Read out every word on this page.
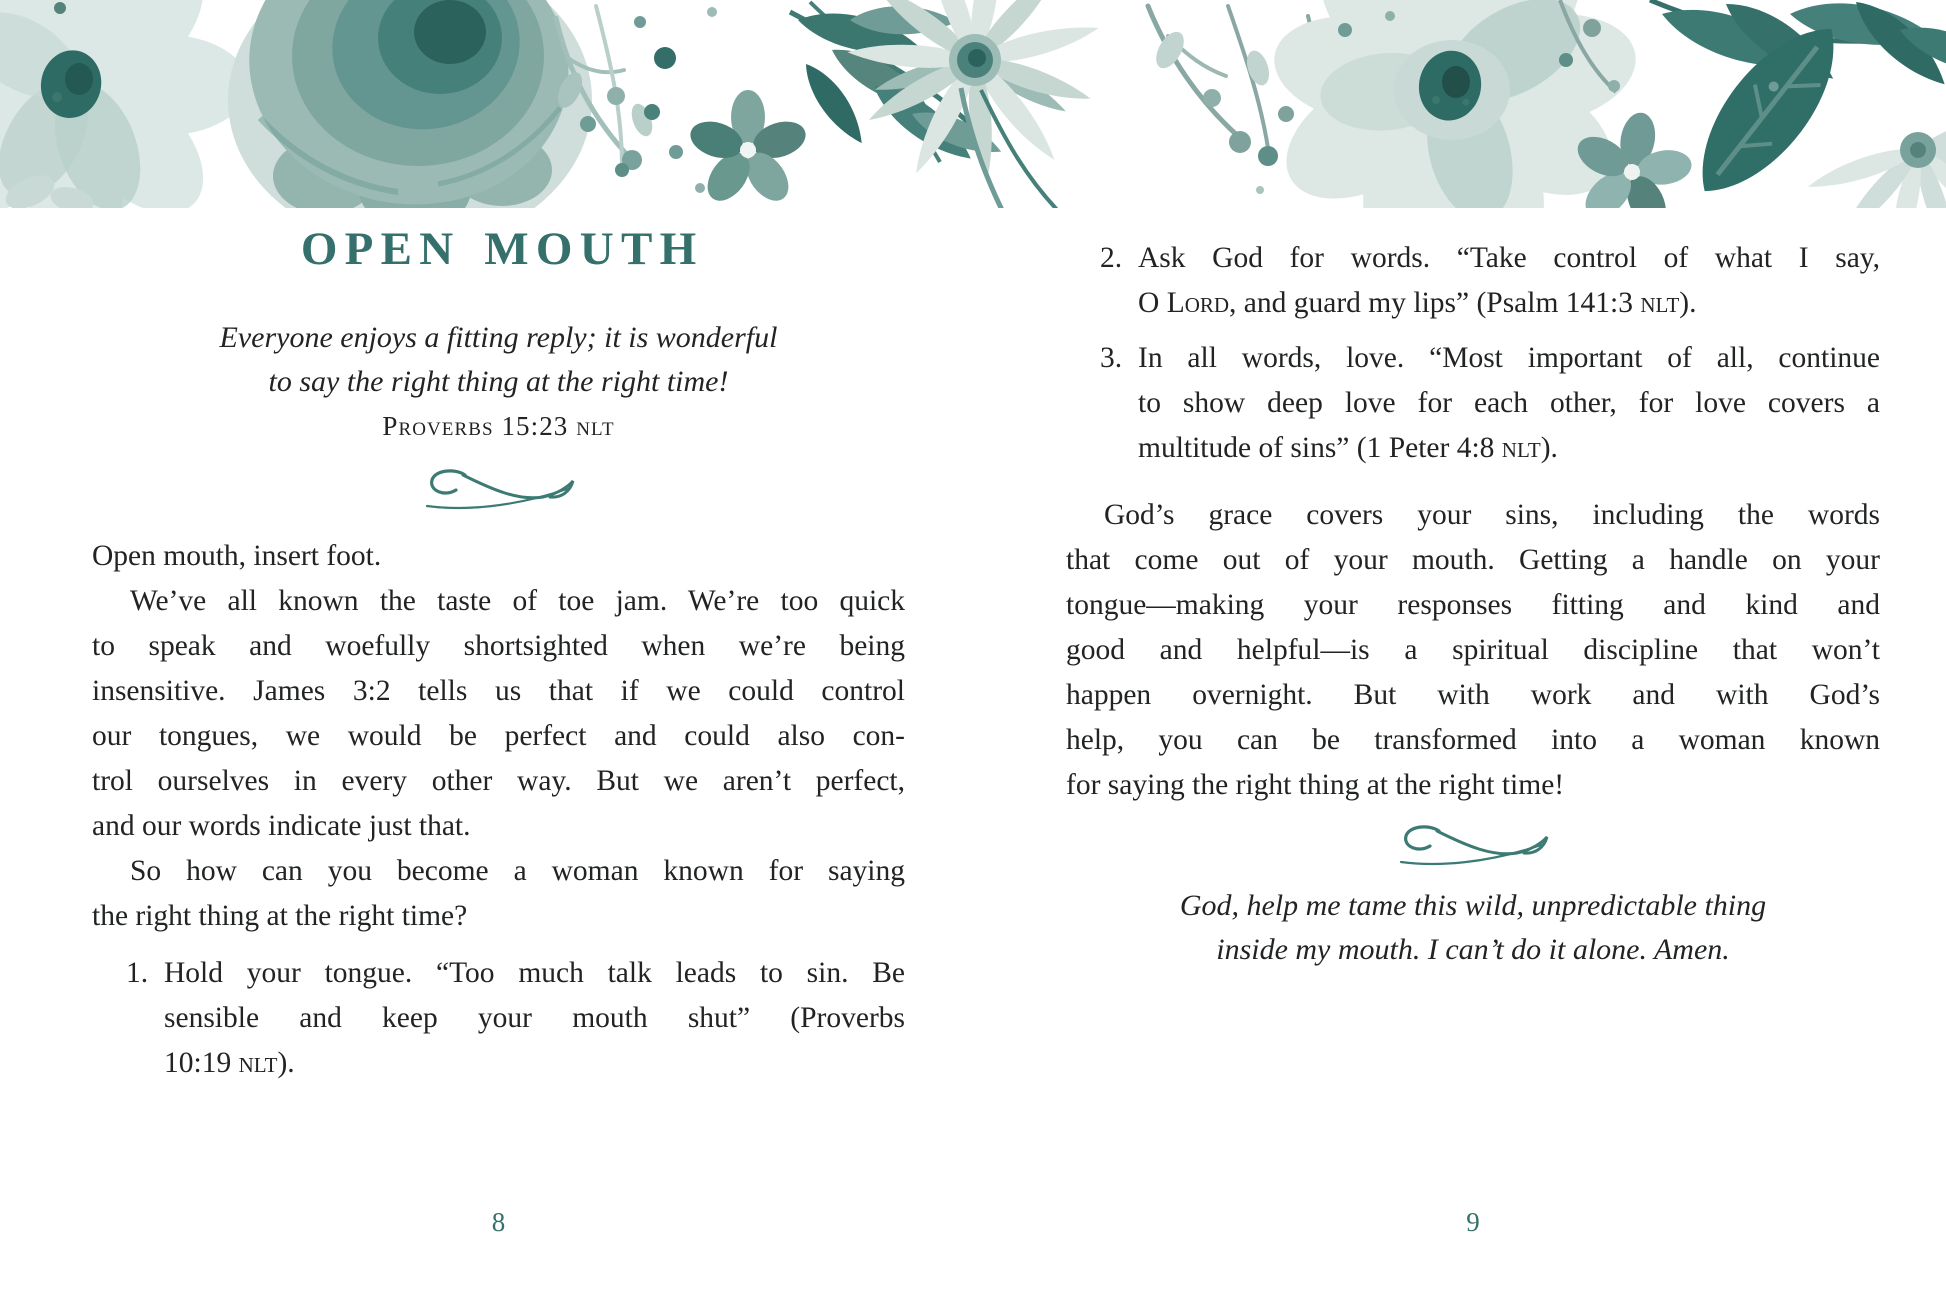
OPEN MOUTH
Everyone enjoys a fitting reply; it is wonderful
to say the right thing at the right time!
Proverbs 15:23 nlt
Open mouth, insert foot.
We’ve all known the taste of toe jam. We’re too quick
to speak and woefully shortsighted when we’re being
insensitive. James 3:2 tells us that if we could control
our tongues, we would be perfect and could also con-
trol ourselves in every other way. But we aren’t perfect,
and our words indicate just that.
So how can you become a woman known for saying
the right thing at the right time?
1. Hold your tongue. “Too much talk leads to sin. Be
sensible and keep your mouth shut” (Proverbs
10:19 nlt).
8
2. Ask God for words. “Take control of what I say,
O Lord, and guard my lips” (Psalm 141:3 nlt).
3. In all words, love. “Most important of all, continue
to show deep love for each other, for love covers a
multitude of sins” (1 Peter 4:8 nlt).
God’s grace covers your sins, including the words
that come out of your mouth. Getting a handle on your
tongue—making your responses fitting and kind and
good and helpful—is a spiritual discipline that won’t
happen overnight. But with work and with God’s
help, you can be transformed into a woman known
for saying the right thing at the right time!
God, help me tame this wild, unpredictable thing
inside my mouth. I can’t do it alone. Amen.
9
